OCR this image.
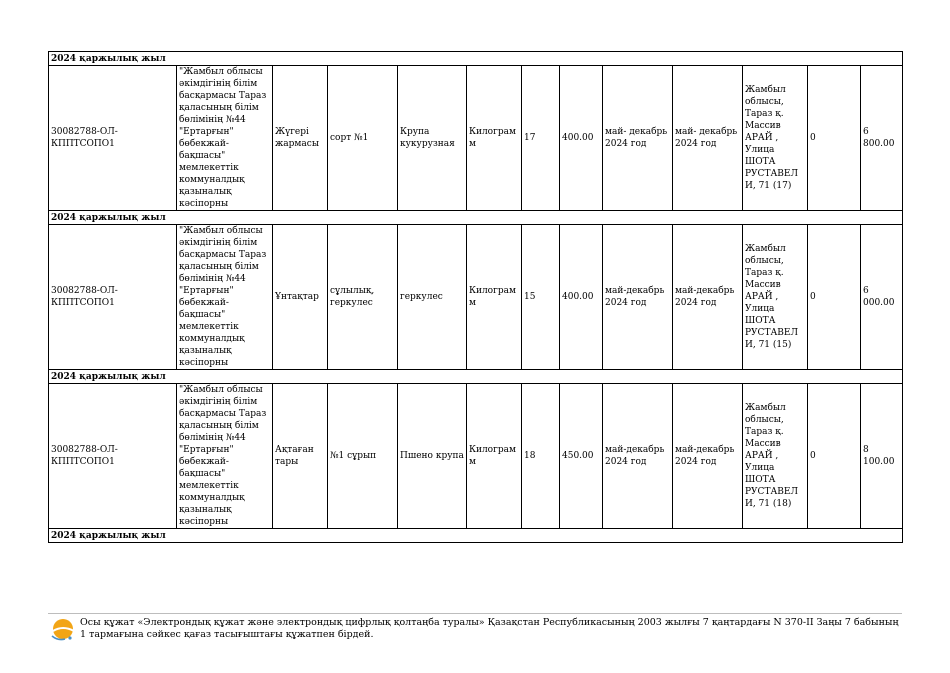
2024 қаржылық жыл												
30082788-ОЛ-КППТСОПО1	"Жамбыл облысы әкімдігінің білім басқармасы Тараз қаласының білім бөлімінің №44 "Ертарғын" бөбекжай-бақшасы" мемлекеттік коммуналдық қазыналық кәсіпорны	Жүгері жармасы	сорт №1	Крупа кукурузная	Килограмм	17	400.00	май- декабрь 2024 год	май- декабрь 2024 год	Жамбыл облысы, Тараз қ. Массив АРАЙ , Улица ШОТА РУСТАВЕЛИ, 71 (17)	0	6 800.00
2024 қаржылық жыл												
30082788-ОЛ-КППТСОПО1	"Жамбыл облысы әкімдігінің білім басқармасы Тараз қаласының білім бөлімінің №44 "Ертарғын" бөбекжай-бақшасы" мемлекеттік коммуналдық қазыналық кәсіпорны	Ұнтақтар	сұлылық, геркулес	геркулес	Килограмм	15	400.00	май-декабрь 2024 год	май-декабрь 2024 год	Жамбыл облысы, Тараз қ. Массив АРАЙ , Улица ШОТА РУСТАВЕЛИ, 71 (15)	0	6 000.00
2024 қаржылық жыл												
30082788-ОЛ-КППТСОПО1	"Жамбыл облысы әкімдігінің білім басқармасы Тараз қаласының білім бөлімінің №44 "Ертарғын" бөбекжай-бақшасы" мемлекеттік коммуналдық қазыналық кәсіпорны	Ақтаған тары	№1 сұрып	Пшено крупа	Килограмм	18	450.00	май-декабрь 2024 год	май-декабрь 2024 год	Жамбыл облысы, Тараз қ. Массив АРАЙ , Улица ШОТА РУСТАВЕЛИ, 71 (18)	0	8 100.00
2024 қаржылық жыл												
Осы құжат «Электрондық құжат және электрондық цифрлық қолтаңба туралы» Қазақстан Республикасының 2003 жылғы 7 қаңтардағы N 370-II Заңы 7 бабының 1 тармағына сәйкес қағаз тасығыштағы құжатпен бірдей.
